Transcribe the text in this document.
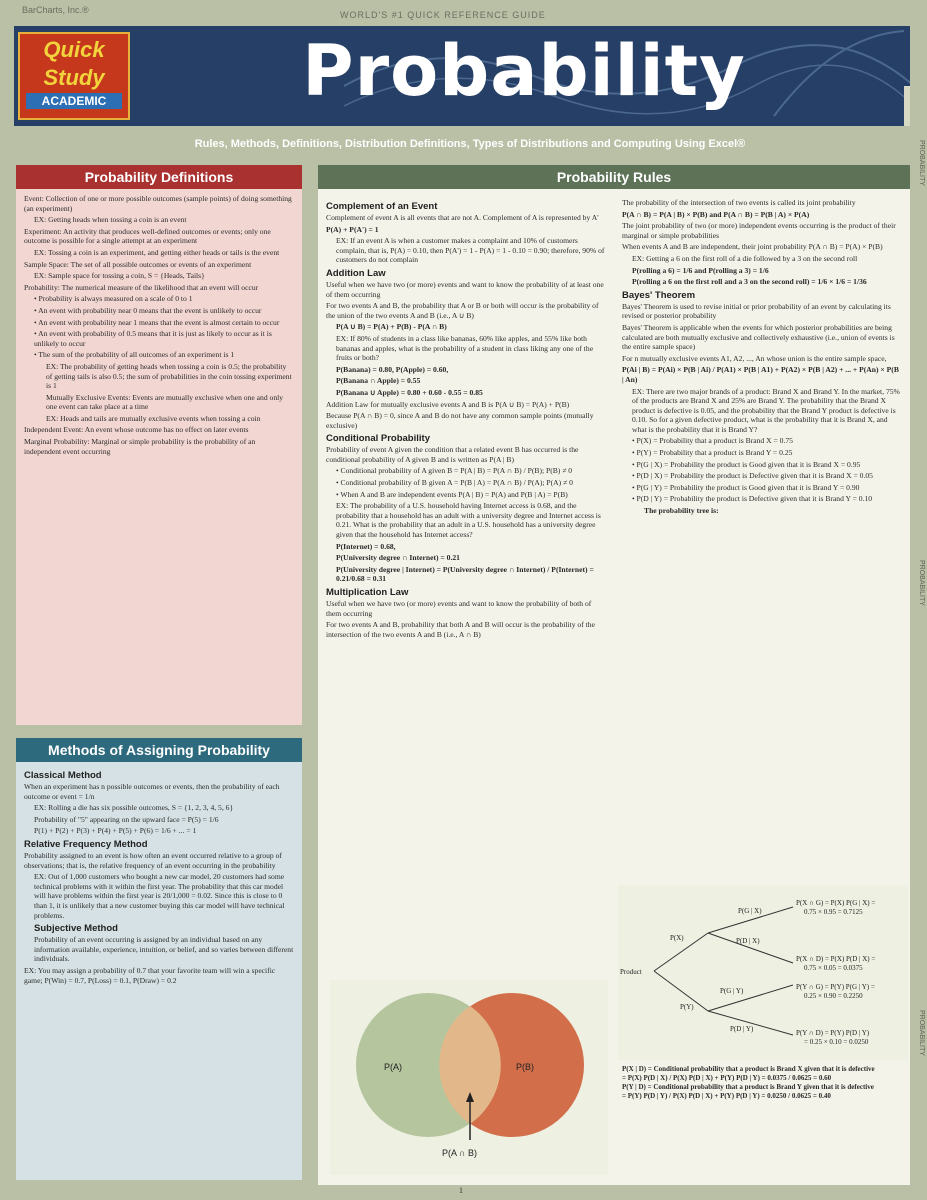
BarCharts, Inc.®	WORLD'S #1 QUICK REFERENCE GUIDE
Quick
Study
ACADEMIC	Probability
Rules, Methods, Definitions, Distribution Definitions, Types of Distributions and Computing Using Excel®	PROBABILITY
PROBABILITY
PROBABILITY
Probability Definitions

Event: Collection of one or more possible outcomes (sample points) of doing something (an experiment)

EX: Getting heads when tossing a coin is an event

Experiment: An activity that produces well-defined outcomes or events; only one outcome is possible for a single attempt at an experiment

EX: Tossing a coin is an experiment, and getting either heads or tails is the event

Sample Space: The set of all possible outcomes or events of an experiment

EX: Sample space for tossing a coin, S = {Heads, Tails}

Probability: The numerical measure of the likelihood that an event will occur

• Probability is always measured on a scale of 0 to 1

• An event with probability near 0 means that the event is unlikely to occur

• An event with probability near 1 means that the event is almost certain to occur

• An event with probability of 0.5 means that it is just as likely to occur as it is unlikely to occur

• The sum of the probability of all outcomes of an experiment is 1

EX: The probability of getting heads when tossing a coin is 0.5; the probability of getting tails is also 0.5; the sum of probabilities in the coin tossing experiment is 1

Mutually Exclusive Events: Events are mutually exclusive when one and only one event can take place at a time

EX: Heads and tails are mutually exclusive events when tossing a coin

Independent Event: An event whose outcome has no effect on later events

Marginal Probability: Marginal or simple probability is the probability of an independent event occurring

Methods of Assigning Probability
Classical Method

When an experiment has n possible outcomes or events, then the probability of each outcome or event = 1/n

EX: Rolling a die has six possible outcomes, S = {1, 2, 3, 4, 5, 6}

Probability of "5" appearing on the upward face = P(5) = 1/6

P(1) + P(2) + P(3) + P(4) + P(5) + P(6) = 1/6 + ... = 1

Relative Frequency Method

Probability assigned to an event is how often an event occurred relative to a group of observations; that is, the relative frequency of an event occurring in the probability

EX: Out of 1,000 customers who bought a new car model, 20 customers had some technical problems with it within the first year. The probability that this car model will have problems within the first year is 20/1,000 = 0.02. Since this is close to 0 than 1, it is unlikely that a new customer buying this car model will have technical problems.

Subjective Method

Probability of an event occurring is assigned by an individual based on any information available, experience, intuition, or belief, and so varies between different individuals.

EX: You may assign a probability of 0.7 that your favorite team will win a specific game; P(Win) = 0.7, P(Loss) = 0.1, P(Draw) = 0.2

Probability Rules
Complement of an Event

Complement of event A is all events that are not A. Complement of A is represented by A'

P(A) + P(A') = 1

EX: If an event A is when a customer makes a complaint and 10% of customers complain, that is, P(A) = 0.10, then P(A') = 1 - P(A) = 1 - 0.10 = 0.90; therefore, 90% of customers do not complain

Addition Law

Useful when we have two (or more) events and want to know the probability of at least one of them occurring

For two events A and B, the probability that A or B or both will occur is the probability of the union of the two events A and B (i.e., A ∪ B)

P(A ∪ B) = P(A) + P(B) - P(A ∩ B)

EX: If 80% of students in a class like bananas, 60% like apples, and 55% like both bananas and apples, what is the probability of a student in class liking any one of the fruits or both?

P(Banana) = 0.80, P(Apple) = 0.60,

P(Banana ∩ Apple) = 0.55

P(Banana ∪ Apple) = 0.80 + 0.60 - 0.55 = 0.85

Addition Law for mutually exclusive events A and B is P(A ∪ B) = P(A) + P(B)

Because P(A ∩ B) = 0, since A and B do not have any common sample points (mutually exclusive)

Conditional Probability

Probability of event A given the condition that a related event B has occurred is the conditional probability of A given B and is written as P(A | B)

• Conditional probability of A given B = P(A | B) = P(A ∩ B) / P(B); P(B) ≠ 0

• Conditional probability of B given A = P(B | A) = P(A ∩ B) / P(A); P(A) ≠ 0

• When A and B are independent events P(A | B) = P(A) and P(B | A) = P(B)

EX: The probability of a U.S. household having Internet access is 0.68, and the probability that a household has an adult with a university degree and Internet access is 0.21. What is the probability that an adult in a U.S. household has a university degree given that the household has Internet access?

P(Internet) = 0.68,

P(University degree ∩ Internet) = 0.21

P(University degree | Internet) = P(University degree ∩ Internet) / P(Internet) = 0.21/0.68 = 0.31

Multiplication Law

Useful when we have two (or more) events and want to know the probability of both of them occurring

For two events A and B, probability that both A and B will occur is the probability of the intersection of the two events A and B (i.e., A ∩ B)

The probability of the intersection of two events is called its joint probability

P(A ∩ B) = P(A | B) × P(B) and P(A ∩ B) = P(B | A) × P(A)

The joint probability of two (or more) independent events occurring is the product of their marginal or simple probabilities

When events A and B are independent, their joint probability P(A ∩ B) = P(A) × P(B)

EX: Getting a 6 on the first roll of a die followed by a 3 on the second roll

P(rolling a 6) = 1/6 and P(rolling a 3) = 1/6

P(rolling a 6 on the first roll and a 3 on the second roll) = 1/6 × 1/6 = 1/36

Bayes' Theorem

Bayes' Theorem is used to revise initial or prior probability of an event by calculating its revised or posterior probability

Bayes' Theorem is applicable when the events for which posterior probabilities are being calculated are both mutually exclusive and collectively exhaustive (i.e., union of events is the entire sample space)

For n mutually exclusive events A1, A2, ..., An whose union is the entire sample space,

P(Ai | B) = P(Ai) × P(B | Ai) / P(A1) × P(B | A1) + P(A2) × P(B | A2) + ... + P(An) × P(B | An)

EX: There are two major brands of a product: Brand X and Brand Y. In the market, 75% of the products are Brand X and 25% are Brand Y. The probability that the Brand X product is defective is 0.05, and the probability that the Brand Y product is defective is 0.10. So for a given defective product, what is the probability that it is Brand X, and what is the probability that it is Brand Y?

• P(X) = Probability that a product is Brand X = 0.75

• P(Y) = Probability that a product is Brand Y = 0.25

• P(G | X) = Probability the product is Good given that it is Brand X = 0.95

• P(D | X) = Probability the product is Defective given that it is Brand X = 0.05

• P(G | Y) = Probability the product is Good given that it is Brand Y = 0.90

• P(D | Y) = Probability the product is Defective given that it is Brand Y = 0.10

The probability tree is:

Product
P(X)
P(Y)
P(G | X)
P(D | X)
P(G | Y)
P(D | Y)
P(X ∩ G) = P(X) P(G | X) =
0.75 × 0.95 = 0.7125
P(X ∩ D) = P(X) P(D | X) =
0.75 × 0.05 = 0.0375
P(Y ∩ G) = P(Y) P(G | Y) =
0.25 × 0.90 = 0.2250
P(Y ∩ D) = P(Y) P(D | Y)
= 0.25 × 0.10 = 0.0250

P(X | D) = Conditional probability that a product is Brand X given that it is defective

= P(X) P(D | X) / P(X) P(D | X) + P(Y) P(D | Y) = 0.0375 / 0.0625 = 0.60

P(Y | D) = Conditional probability that a product is Brand Y given that it is defective

= P(Y) P(D | Y) / P(X) P(D | X) + P(Y) P(D | Y) = 0.0250 / 0.0625 = 0.40

P(A)	P(B)
P(A ∩ B)
1
